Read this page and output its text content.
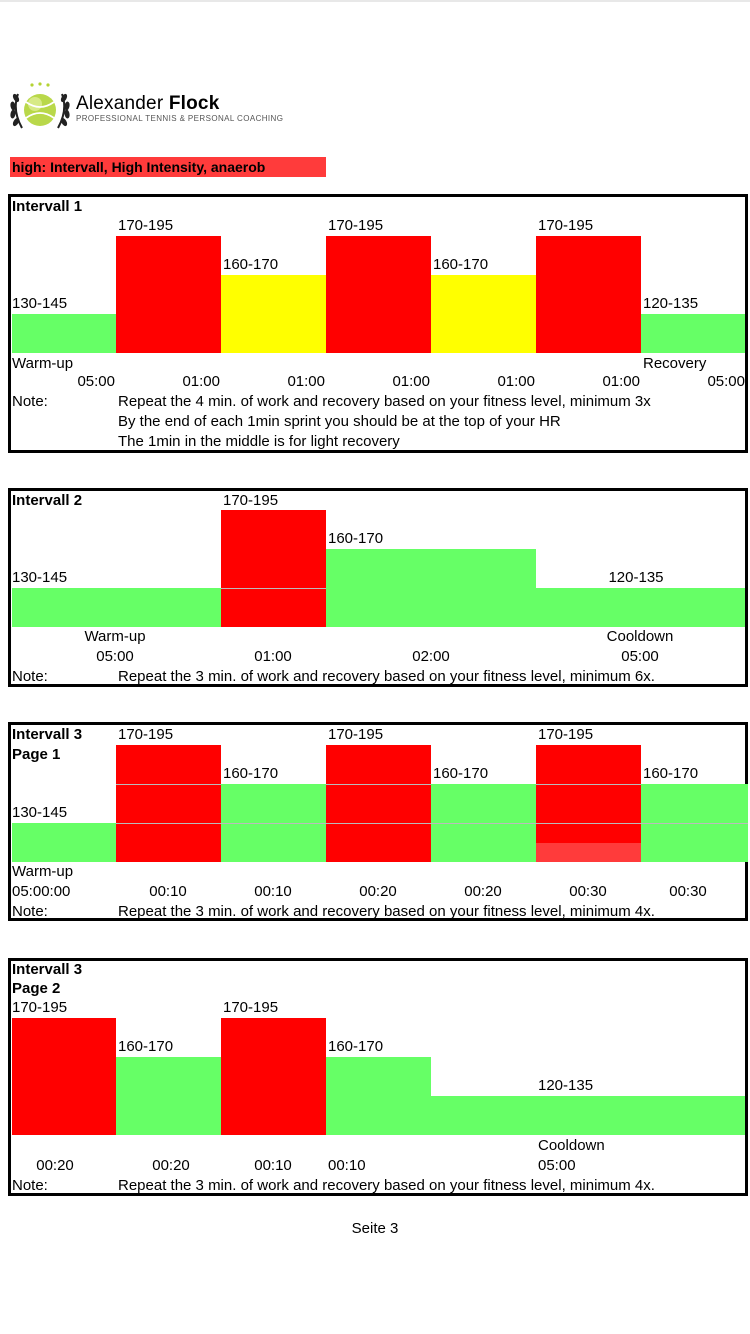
Alexander Flock
PROFESSIONAL TENNIS & PERSONAL COACHING
high: Intervall, High Intensity, anaerob
Intervall 1
130-145
170-195
160-170
170-195
160-170
170-195
120-135
Warm-up	Recovery
05:00	01:00	01:00	01:00	01:00	01:00	05:00
Note:	Repeat the 4 min. of work and recovery based on your fitness level, minimum 3x
By the end of each 1min sprint you should be at the top of your HR
The 1min in the middle is for light recovery
Intervall 2
130-145
170-195
160-170
120-135
Warm-up	Cooldown
05:00	01:00	02:00	05:00
Note:	Repeat the 3 min. of work and recovery based on your fitness level, minimum 6x.
Intervall 3
Page 1
130-145
170-195
160-170
170-195
160-170
170-195
160-170
Warm-up
05:00:00	00:10	00:10	00:20	00:20	00:30	00:30
Note:	Repeat the 3 min. of work and recovery based on your fitness level, minimum 4x.
Intervall 3
Page 2
170-195
160-170
170-195
160-170
120-135
Cooldown
00:20	00:20	00:10 00:10	05:00
Note:	Repeat the 3 min. of work and recovery based on your fitness level, minimum 4x.
Seite 3
